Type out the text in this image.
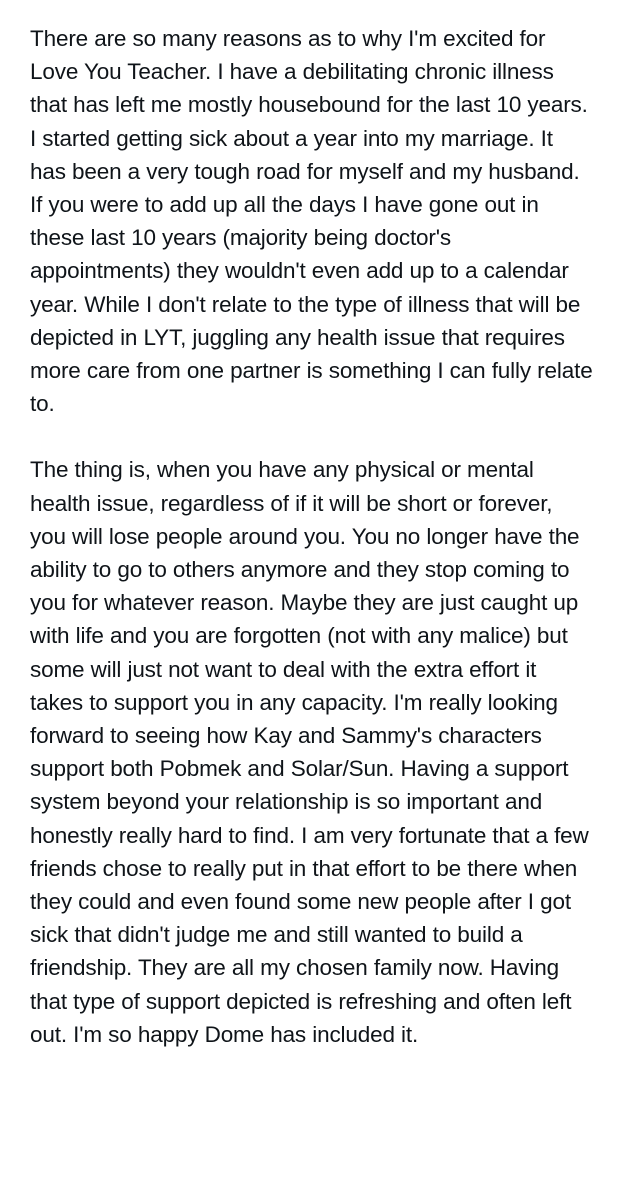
There are so many reasons as to why I'm excited for Love You Teacher. I have a debilitating chronic illness that has left me mostly housebound for the last 10 years. I started getting sick about a year into my marriage. It has been a very tough road for myself and my husband. If you were to add up all the days I have gone out in these last 10 years (majority being doctor's appointments) they wouldn't even add up to a calendar year. While I don't relate to the type of illness that will be depicted in LYT, juggling any health issue that requires more care from one partner is something I can fully relate to.

The thing is, when you have any physical or mental health issue, regardless of if it will be short or forever, you will lose people around you. You no longer have the ability to go to others anymore and they stop coming to you for whatever reason. Maybe they are just caught up with life and you are forgotten (not with any malice) but some will just not want to deal with the extra effort it takes to support you in any capacity. I'm really looking forward to seeing how Kay and Sammy's characters support both Pobmek and Solar/Sun. Having a support system beyond your relationship is so important and honestly really hard to find. I am very fortunate that a few friends chose to really put in that effort to be there when they could and even found some new people after I got sick that didn't judge me and still wanted to build a friendship. They are all my chosen family now. Having that type of support depicted is refreshing and often left out. I'm so happy Dome has included it.
